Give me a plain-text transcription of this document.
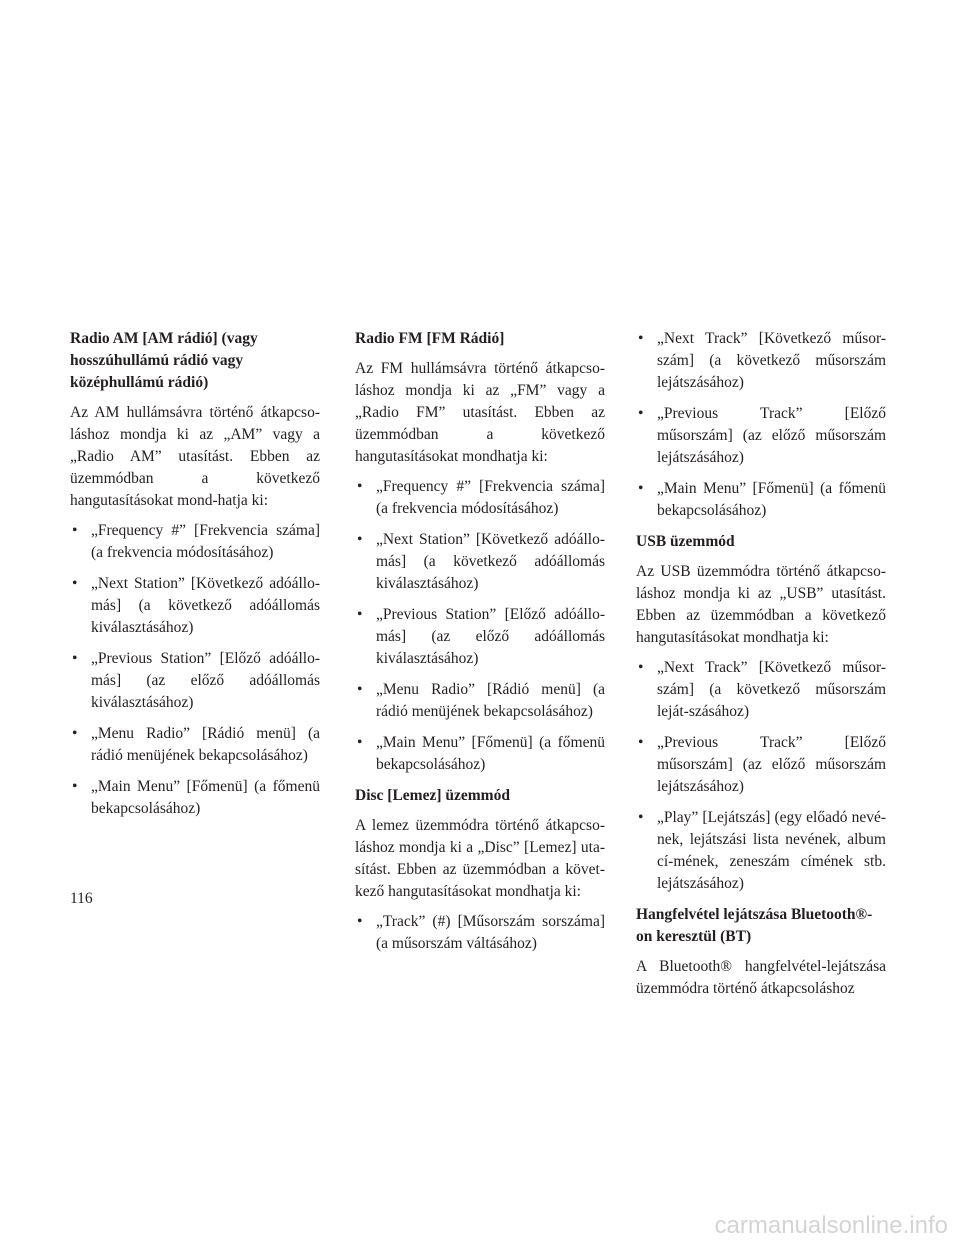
Radio AM [AM rádió] (vagy hosszúhullámú rádió vagy középhullámú rádió)

Az AM hullámsávra történő átkapcso-láshoz mondja ki az „AM” vagy a „Radio AM” utasítást. Ebben az üzemmódban a következő hangutasításokat mond-hatja ki:

• „Frequency #” [Frekvencia száma] (a frekvencia módosításához)
• „Next Station” [Következő adóállo-más] (a következő adóállomás kiválasztásához)
• „Previous Station” [Előző adóállo-más] (az előző adóállomás kiválasztásához)
• „Menu Radio” [Rádió menü] (a rádió menüjének bekapcsolásához)
• „Main Menu” [Főmenü] (a főmenü bekapcsolásához)
Radio FM [FM Rádió]

Az FM hullámsávra történő átkapcso-láshoz mondja ki az „FM” vagy a „Radio FM” utasítást. Ebben az üzemmódban a következő hangutasításokat mondhatja ki:

• „Frequency #” [Frekvencia száma] (a frekvencia módosításához)
• „Next Station” [Következő adóállo-más] (a következő adóállomás kiválasztásához)
• „Previous Station” [Előző adóállo-más] (az előző adóállomás kiválasztásához)
• „Menu Radio” [Rádió menü] (a rádió menüjének bekapcsolásához)
• „Main Menu” [Főmenü] (a főmenü bekapcsolásához)
Disc [Lemez] üzemmód

A lemez üzemmódra történő átkapcso-láshoz mondja ki a „Disc” [Lemez] uta-sítást. Ebben az üzemmódban a követ-kező hangutasításokat mondhatja ki:

• „Track” (#) [Műsorszám sorszáma] (a műsorszám váltásához)
• „Next Track” [Következő műsor-szám] (a következő műsorszám lejátszásához)
• „Previous Track” [Előző műsorszám] (az előző műsorszám lejátszásához)
• „Main Menu” [Főmenü] (a főmenü bekapcsolásához)
USB üzemmód

Az USB üzemmódra történő átkapcso-láshoz mondja ki az „USB” utasítást. Ebben az üzemmódban a következő hangutasításokat mondhatja ki:

• „Next Track” [Következő műsor-szám] (a következő műsorszám leját-szásához)
• „Previous Track” [Előző műsorszám] (az előző műsorszám lejátszásához)
• „Play” [Lejátszás] (egy előadó nevé-nek, lejátszási lista nevének, album cí-mének, zeneszám címének stb. lejátszásához)
Hangfelvétel lejátszása Bluetooth®-on keresztül (BT)

A Bluetooth® hangfelvétel-lejátszása üzemmódra történő átkapcsoláshoz

116
carmanualsonline.info
